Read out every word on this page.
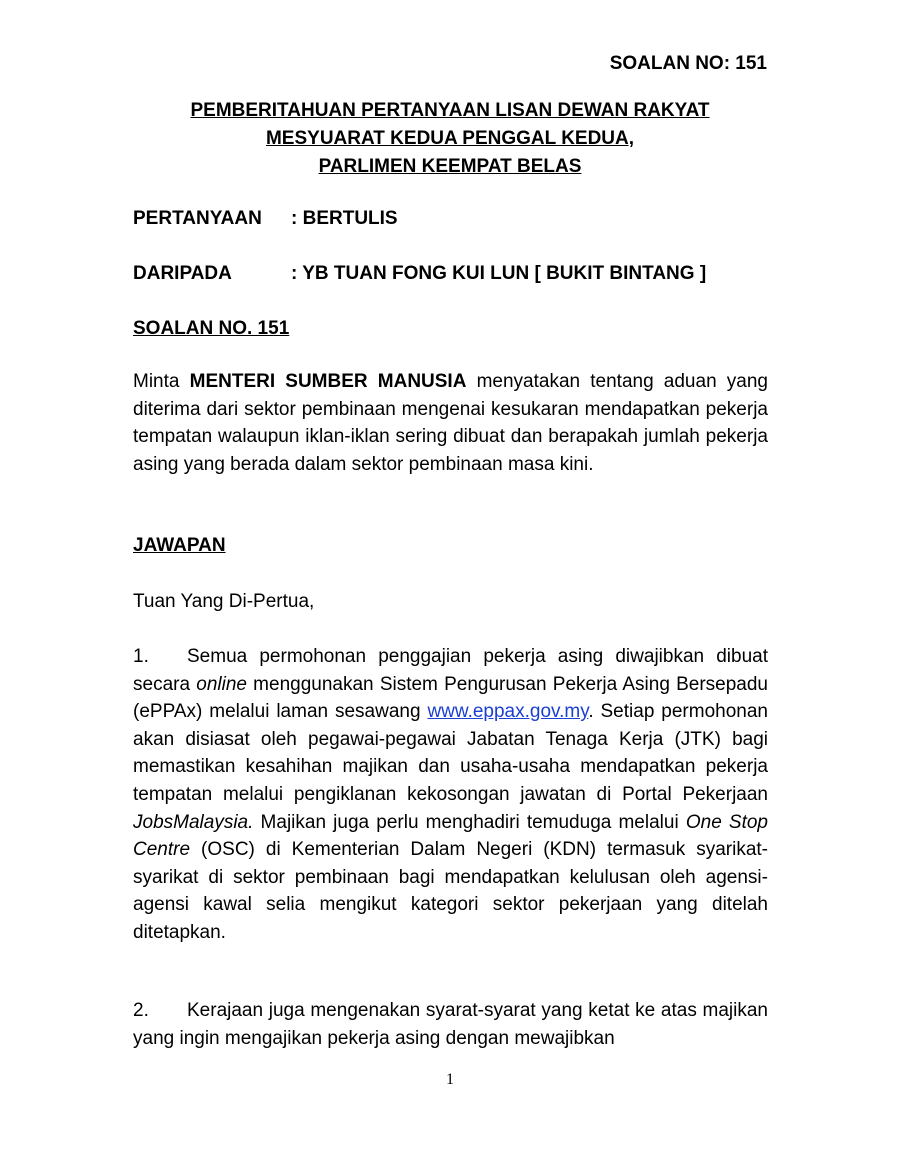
SOALAN NO: 151
PEMBERITAHUAN PERTANYAAN LISAN DEWAN RAKYAT
MESYUARAT KEDUA PENGGAL KEDUA,
PARLIMEN KEEMPAT BELAS
PERTANYAAN : BERTULIS
DARIPADA	: YB TUAN FONG KUI LUN [ BUKIT BINTANG ]
SOALAN NO. 151

Minta MENTERI SUMBER MANUSIA menyatakan tentang aduan yang diterima dari sektor pembinaan mengenai kesukaran mendapatkan pekerja tempatan walaupun iklan-iklan sering dibuat dan berapakah jumlah pekerja asing yang berada dalam sektor pembinaan masa kini.

JAWAPAN
Tuan Yang Di-Pertua,

1. Semua permohonan penggajian pekerja asing diwajibkan dibuat secara online menggunakan Sistem Pengurusan Pekerja Asing Bersepadu (ePPAx) melalui laman sesawang www.eppax.gov.my. Setiap permohonan akan disiasat oleh pegawai-pegawai Jabatan Tenaga Kerja (JTK) bagi memastikan kesahihan majikan dan usaha-usaha mendapatkan pekerja tempatan melalui pengiklanan kekosongan jawatan di Portal Pekerjaan JobsMalaysia. Majikan juga perlu menghadiri temuduga melalui One Stop Centre (OSC) di Kementerian Dalam Negeri (KDN) termasuk syarikat-syarikat di sektor pembinaan bagi mendapatkan kelulusan oleh agensi-agensi kawal selia mengikut kategori sektor pekerjaan yang ditelah ditetapkan.

2. Kerajaan juga mengenakan syarat-syarat yang ketat ke atas majikan yang ingin mengajikan pekerja asing dengan mewajibkan

1
